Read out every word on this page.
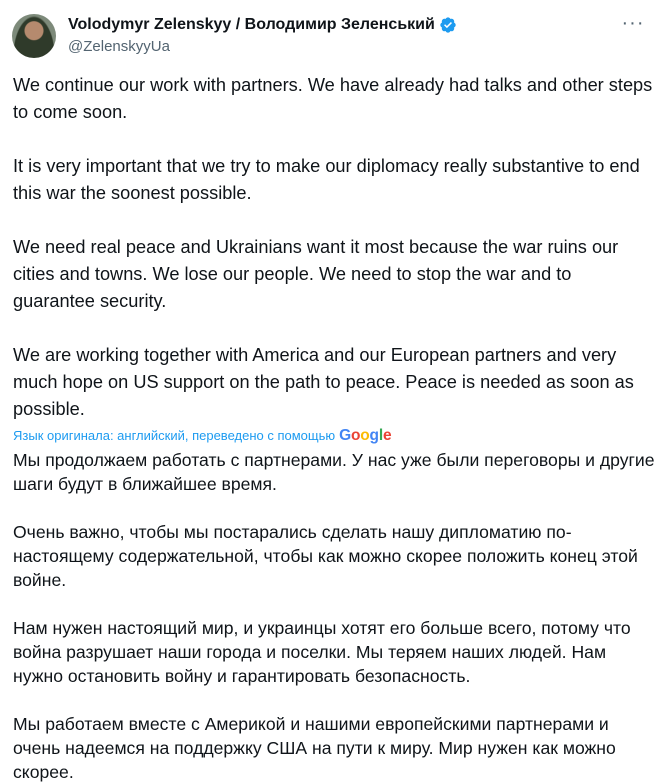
Volodymyr Zelenskyy / Володимир Зеленський
@ZelenskyyUa
···

We continue our work with partners. We have already had talks and other steps to come soon.

It is very important that we try to make our diplomacy really substantive to end this war the soonest possible.

We need real peace and Ukrainians want it most because the war ruins our cities and towns. We lose our people. We need to stop the war and to guarantee security.

We are working together with America and our European partners and very much hope on US support on the path to peace. Peace is needed as soon as possible.

Язык оригинала: английский, переведено с помощью Google

Мы продолжаем работать с партнерами. У нас уже были переговоры и другие шаги будут в ближайшее время.

Очень важно, чтобы мы постарались сделать нашу дипломатию по-настоящему содержательной, чтобы как можно скорее положить конец этой войне.

Нам нужен настоящий мир, и украинцы хотят его больше всего, потому что война разрушает наши города и поселки. Мы теряем наших людей. Нам нужно остановить войну и гарантировать безопасность.

Мы работаем вместе с Америкой и нашими европейскими партнерами и очень надеемся на поддержку США на пути к миру. Мир нужен как можно скорее.
